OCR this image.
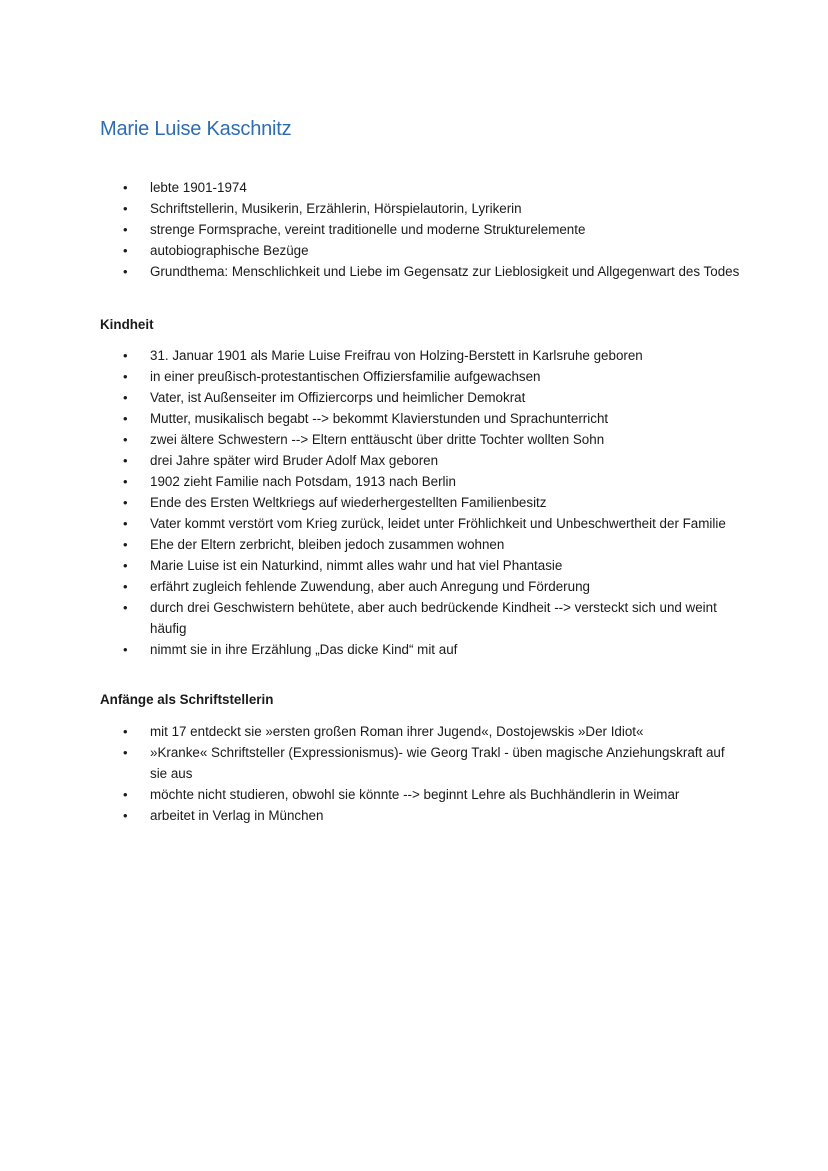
Marie Luise Kaschnitz
• lebte 1901-1974
• Schriftstellerin, Musikerin, Erzählerin, Hörspielautorin, Lyrikerin
• strenge Formsprache, vereint traditionelle und moderne Strukturelemente
• autobiographische Bezüge
• Grundthema: Menschlichkeit und Liebe im Gegensatz zur Lieblosigkeit und Allgegenwart des Todes
Kindheit
• 31. Januar 1901 als Marie Luise Freifrau von Holzing-Berstett in Karlsruhe geboren
• in einer preußisch-protestantischen Offiziersfamilie aufgewachsen
• Vater, ist Außenseiter im Offiziercorps und heimlicher Demokrat
• Mutter, musikalisch begabt --> bekommt Klavierstunden und Sprachunterricht
• zwei ältere Schwestern --> Eltern enttäuscht über dritte Tochter wollten Sohn
• drei Jahre später wird Bruder Adolf Max geboren
• 1902 zieht Familie nach Potsdam, 1913 nach Berlin
• Ende des Ersten Weltkriegs auf wiederhergestellten Familienbesitz
• Vater kommt verstört vom Krieg zurück, leidet unter Fröhlichkeit und Unbeschwertheit der Familie
• Ehe der Eltern zerbricht, bleiben jedoch zusammen wohnen
• Marie Luise ist ein Naturkind, nimmt alles wahr und hat viel Phantasie
• erfährt zugleich fehlende Zuwendung, aber auch Anregung und Förderung
• durch drei Geschwistern behütete, aber auch bedrückende Kindheit --> versteckt sich und weint häufig
• nimmt sie in ihre Erzählung „Das dicke Kind“ mit auf
Anfänge als Schriftstellerin
• mit 17 entdeckt sie »ersten großen Roman ihrer Jugend«, Dostojewskis »Der Idiot«
• »Kranke« Schriftsteller (Expressionismus)- wie Georg Trakl - üben magische Anziehungskraft auf sie aus
• möchte nicht studieren, obwohl sie könnte --> beginnt Lehre als Buchhändlerin in Weimar
• arbeitet in Verlag in München
